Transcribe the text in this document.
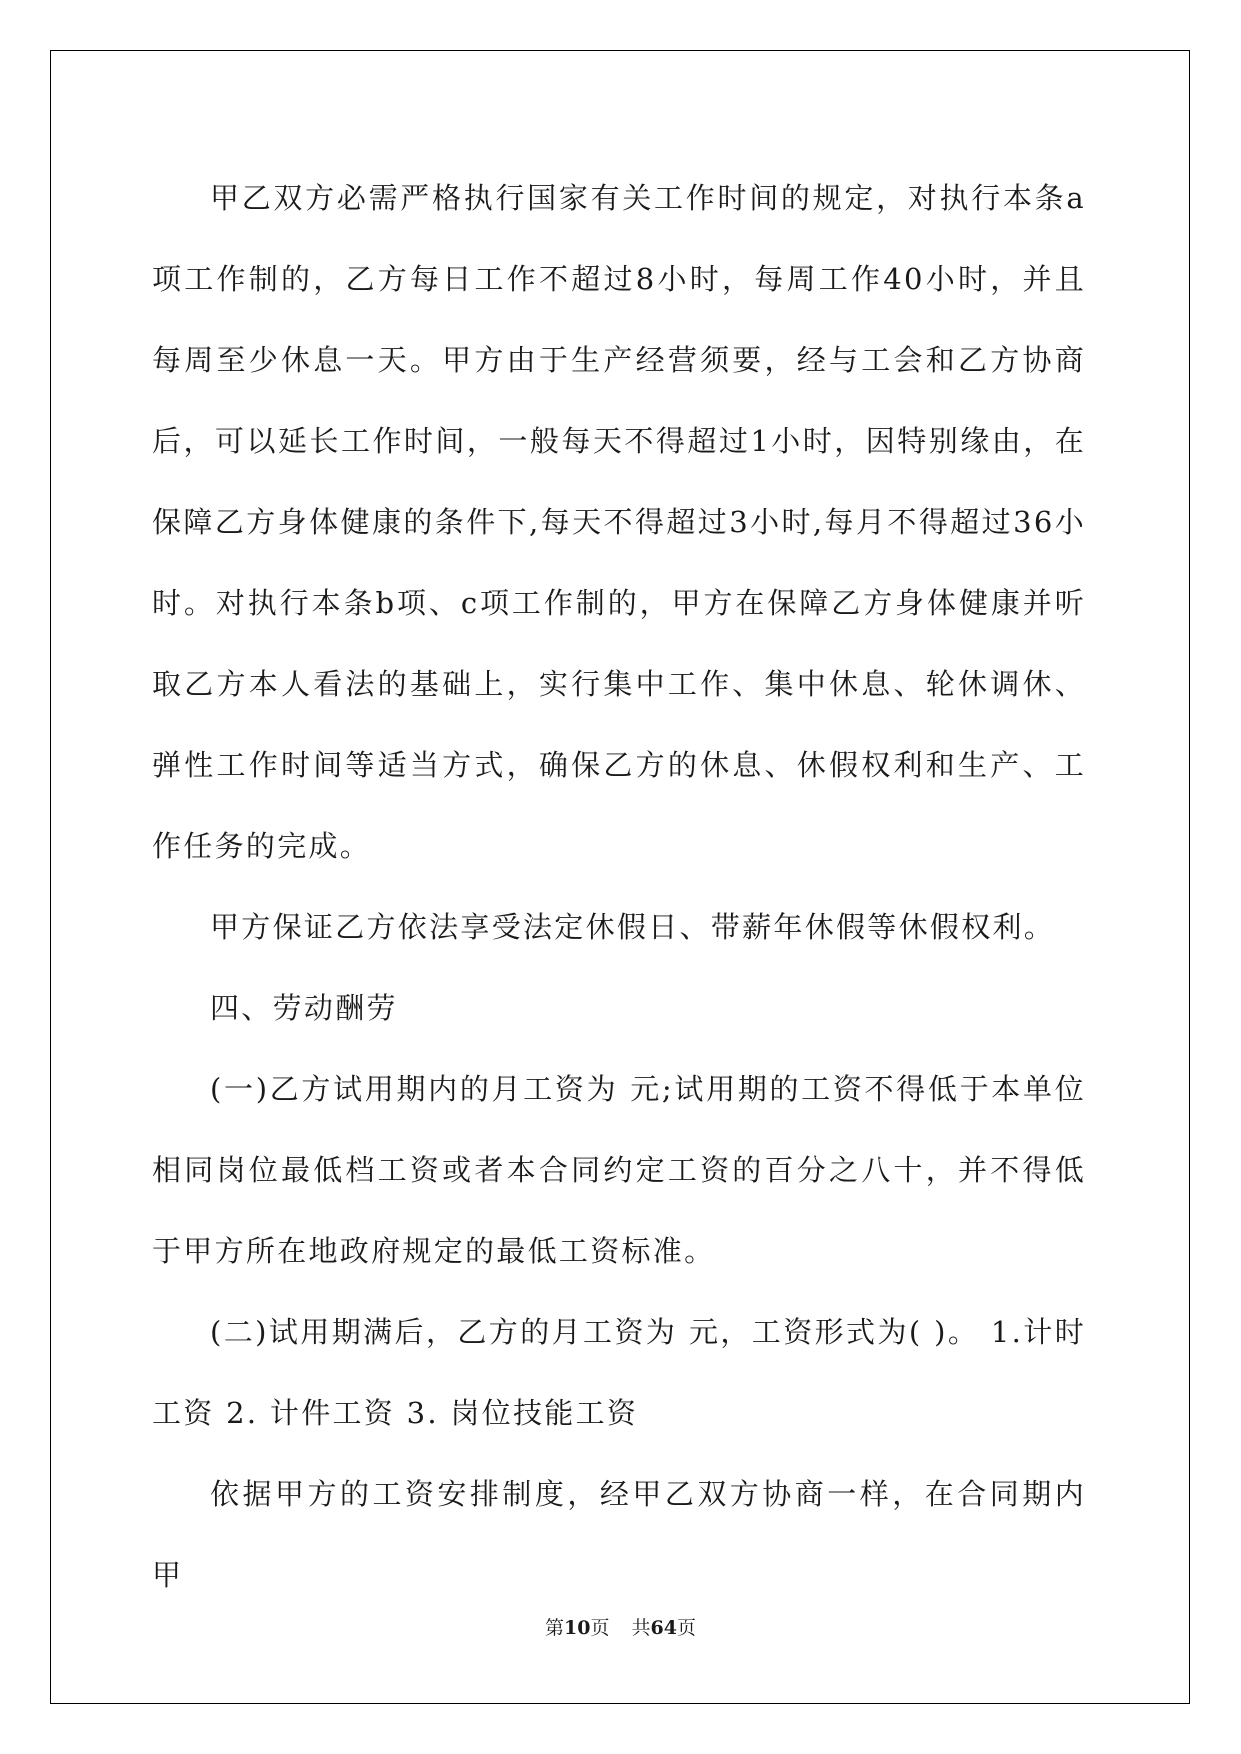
甲乙双方必需严格执行国家有关工作时间的规定，对执行本条a项工作制的，乙方每日工作不超过8小时，每周工作40小时，并且每周至少休息一天。甲方由于生产经营须要，经与工会和乙方协商后，可以延长工作时间，一般每天不得超过1小时，因特别缘由，在保障乙方身体健康的条件下,每天不得超过3小时,每月不得超过36小时。对执行本条b项、c项工作制的，甲方在保障乙方身体健康并听取乙方本人看法的基础上，实行集中工作、集中休息、轮休调休、弹性工作时间等适当方式，确保乙方的休息、休假权利和生产、工作任务的完成。

甲方保证乙方依法享受法定休假日、带薪年休假等休假权利。

四、劳动酬劳

(一)乙方试用期内的月工资为 元;试用期的工资不得低于本单位相同岗位最低档工资或者本合同约定工资的百分之八十，并不得低于甲方所在地政府规定的最低工资标准。

(二)试用期满后，乙方的月工资为 元，工资形式为( )。 1.计时工资 2. 计件工资 3. 岗位技能工资

依据甲方的工资安排制度，经甲乙双方协商一样，在合同期内甲

第10页 共64页
